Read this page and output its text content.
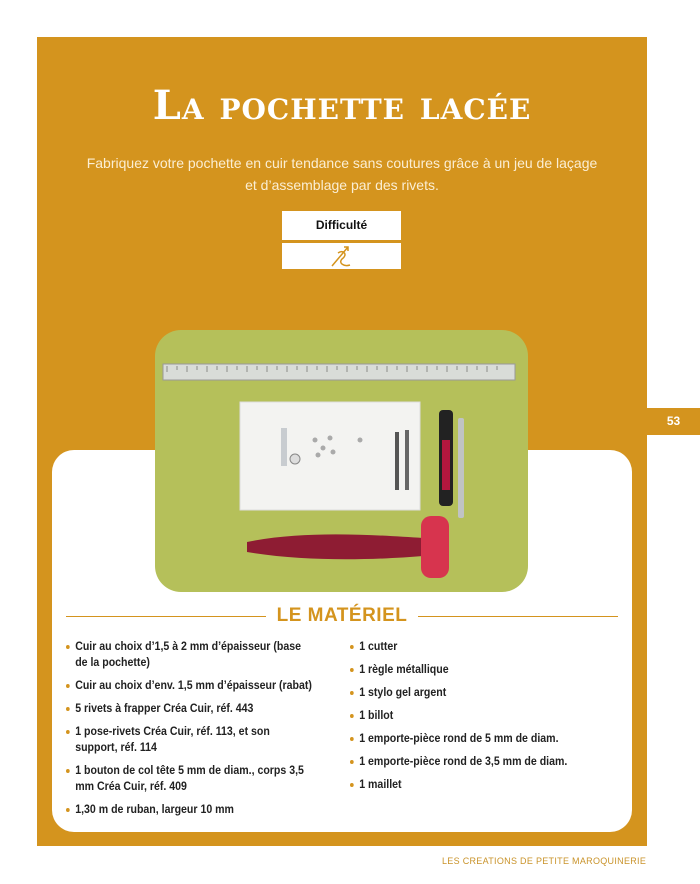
La pochette lacée
Fabriquez votre pochette en cuir tendance sans coutures grâce à un jeu de laçage
et d’assemblage par des rivets.
Difficulté
53
LE MATÉRIEL
Cuir au choix d’1,5 à 2 mm d’épaisseur (base de la pochette)
Cuir au choix d’env. 1,5 mm d’épaisseur (rabat)
5 rivets à frapper Créa Cuir, réf. 443
1 pose-rivets Créa Cuir, réf. 113, et son support, réf. 114
1 bouton de col tête 5 mm de diam., corps 3,5 mm Créa Cuir, réf. 409
1,30 m de ruban, largeur 10 mm
1 cutter
1 règle métallique
1 stylo gel argent
1 billot
1 emporte-pièce rond de 5 mm de diam.
1 emporte-pièce rond de 3,5 mm de diam.
1 maillet
LES CREATIONS DE PETITE MAROQUINERIE
